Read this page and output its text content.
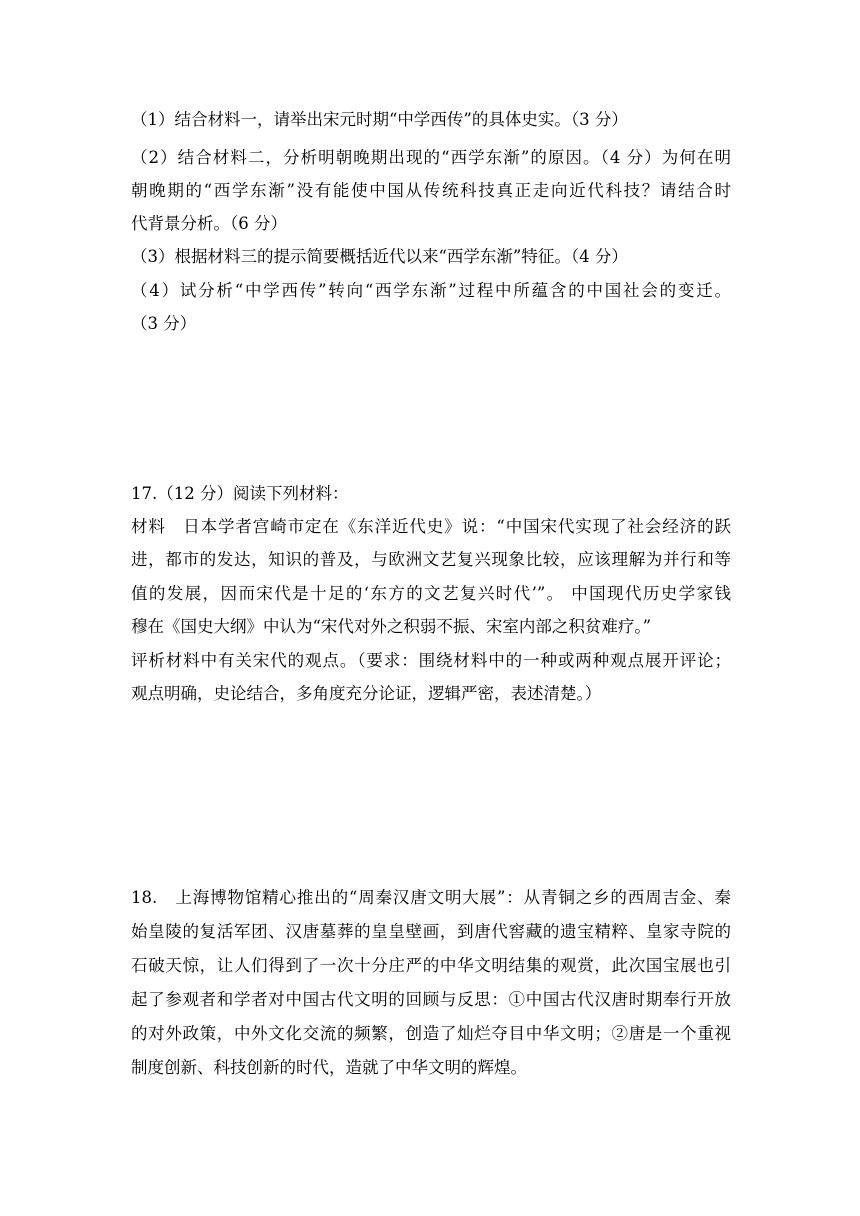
（1）结合材料一，请举出宋元时期“中学西传”的具体史实。（3 分）
（2）结合材料二，分析明朝晚期出现的“西学东渐”的原因。（4 分）为何在明
朝晚期的“西学东渐”没有能使中国从传统科技真正走向近代科技？请结合时
代背景分析。（6 分）
（3）根据材料三的提示简要概括近代以来“西学东渐”特征。（4 分）
（4）试分析“中学西传”转向“西学东渐”过程中所蕴含的中国社会的变迁。
（3 分）
17.（12 分）阅读下列材料：
材料　日本学者宫崎市定在《东洋近代史》说：“中国宋代实现了社会经济的跃
进，都市的发达，知识的普及，与欧洲文艺复兴现象比较，应该理解为并行和等
值的发展，因而宋代是十足的‘东方的文艺复兴时代’”。 中国现代历史学家钱
穆在《国史大纲》中认为“宋代对外之积弱不振、宋室内部之积贫难疗。”
评析材料中有关宋代的观点。（要求：围绕材料中的一种或两种观点展开评论；
观点明确，史论结合，多角度充分论证，逻辑严密，表述清楚。）
18.　上海博物馆精心推出的“周秦汉唐文明大展”：从青铜之乡的西周吉金、秦
始皇陵的复活军团、汉唐墓葬的皇皇壁画，到唐代窖藏的遗宝精粹、皇家寺院的
石破天惊，让人们得到了一次十分庄严的中华文明结集的观赏，此次国宝展也引
起了参观者和学者对中国古代文明的回顾与反思：①中国古代汉唐时期奉行开放
的对外政策，中外文化交流的频繁，创造了灿烂夺目中华文明；②唐是一个重视
制度创新、科技创新的时代，造就了中华文明的辉煌。
